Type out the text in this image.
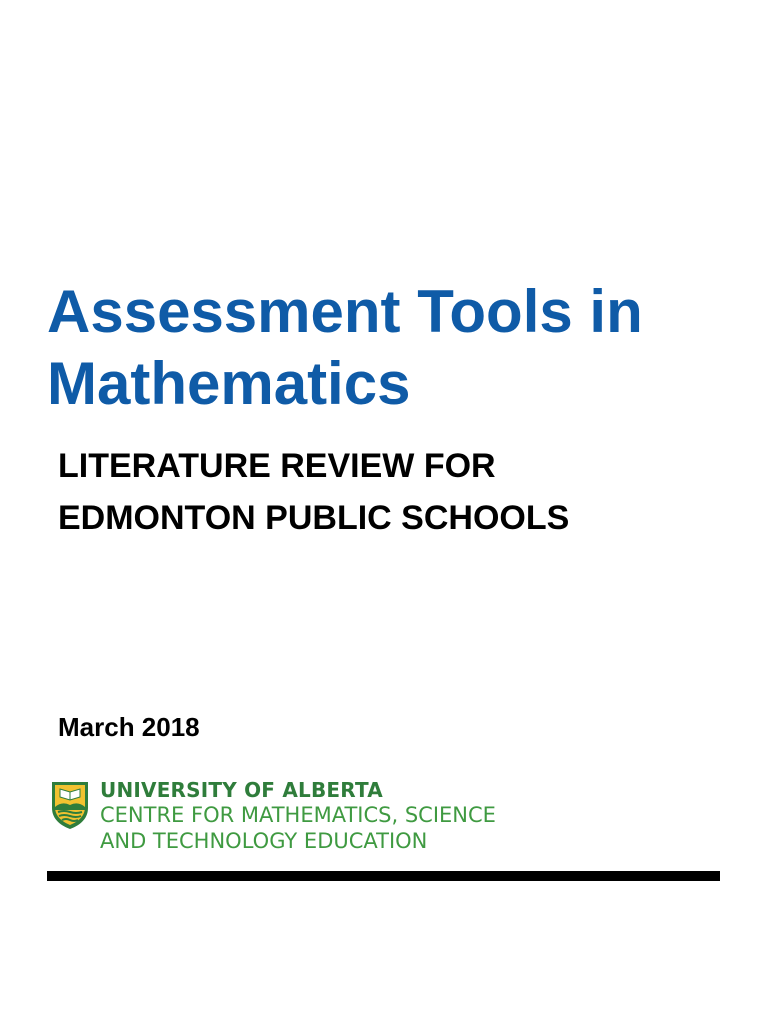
Assessment Tools in
Mathematics
LITERATURE REVIEW FOR
EDMONTON PUBLIC SCHOOLS

March 2018

UNIVERSITY OF ALBERTA
CENTRE FOR MATHEMATICS, SCIENCE
AND TECHNOLOGY EDUCATION
